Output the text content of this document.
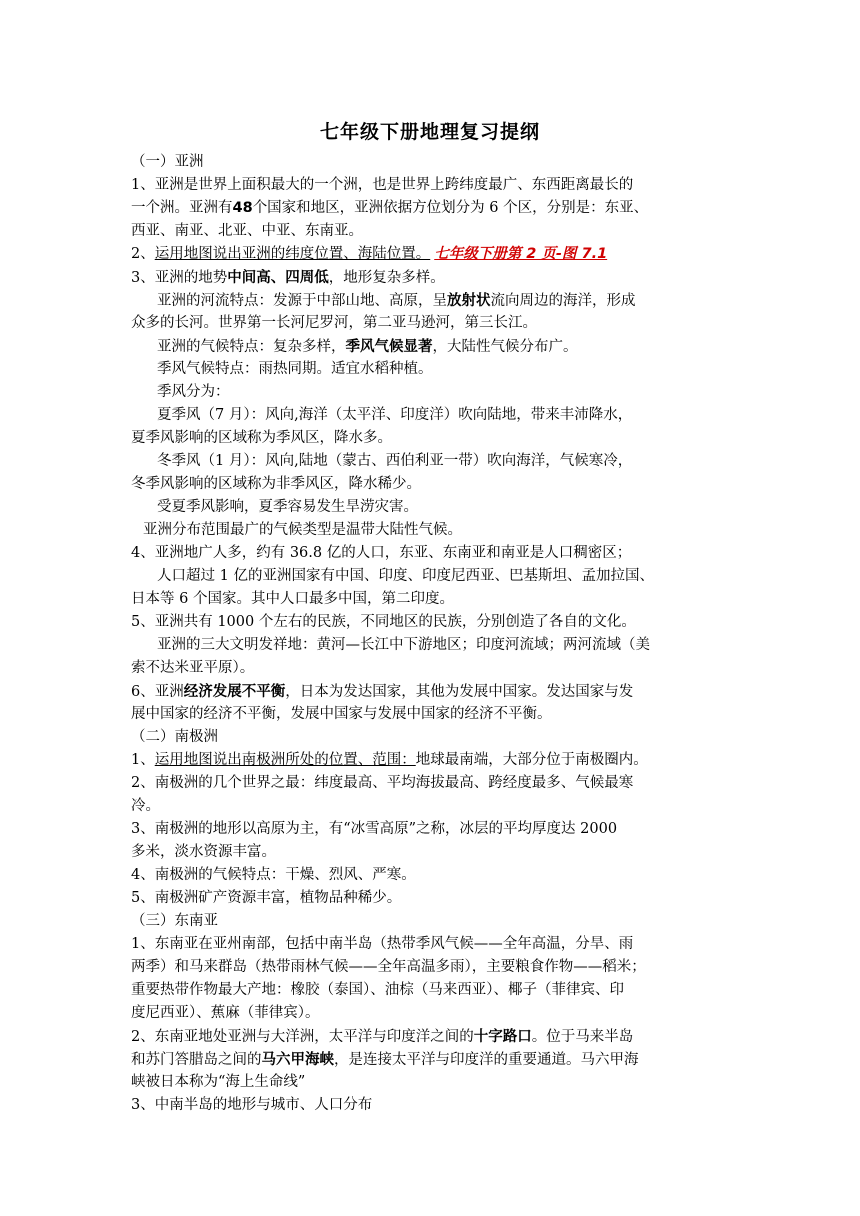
七年级下册地理复习提纲
（一）亚洲
1、亚洲是世界上面积最大的一个洲，也是世界上跨纬度最广、东西距离最长的
一个洲。亚洲有48个国家和地区，亚洲依据方位划分为 6 个区，分别是：东亚、
西亚、南亚、北亚、中亚、东南亚。
2、运用地图说出亚洲的纬度位置、海陆位置。 七年级下册第 2 页-图 7.1
3、亚洲的地势中间高、四周低，地形复杂多样。
亚洲的河流特点：发源于中部山地、高原，呈放射状流向周边的海洋，形成
众多的长河。世界第一长河尼罗河，第二亚马逊河，第三长江。
亚洲的气候特点：复杂多样，季风气候显著，大陆性气候分布广。
季风气候特点：雨热同期。适宜水稻种植。
季风分为：
夏季风（7 月）：风向,海洋（太平洋、印度洋）吹向陆地，带来丰沛降水，
夏季风影响的区域称为季风区，降水多。
冬季风（1 月）：风向,陆地（蒙古、西伯利亚一带）吹向海洋，气候寒冷，
冬季风影响的区域称为非季风区，降水稀少。
受夏季风影响，夏季容易发生旱涝灾害。
亚洲分布范围最广的气候类型是温带大陆性气候。
4、亚洲地广人多，约有 36.8 亿的人口，东亚、东南亚和南亚是人口稠密区；
人口超过 1 亿的亚洲国家有中国、印度、印度尼西亚、巴基斯坦、孟加拉国、
日本等 6 个国家。其中人口最多中国，第二印度。
5、亚洲共有 1000 个左右的民族，不同地区的民族，分别创造了各自的文化。
亚洲的三大文明发祥地：黄河—长江中下游地区；印度河流域；两河流域（美
索不达米亚平原）。
6、亚洲经济发展不平衡，日本为发达国家，其他为发展中国家。发达国家与发
展中国家的经济不平衡，发展中国家与发展中国家的经济不平衡。
（二）南极洲
1、运用地图说出南极洲所处的位置、范围：地球最南端，大部分位于南极圈内。
2、南极洲的几个世界之最：纬度最高、平均海拔最高、跨经度最多、气候最寒
冷。
3、南极洲的地形以高原为主，有“冰雪高原”之称，冰层的平均厚度达 2000
多米，淡水资源丰富。
4、南极洲的气候特点：干燥、烈风、严寒。
5、南极洲矿产资源丰富，植物品种稀少。
（三）东南亚
1、东南亚在亚州南部，包括中南半岛（热带季风气候——全年高温，分旱、雨
两季）和马来群岛（热带雨林气候——全年高温多雨），主要粮食作物——稻米；
重要热带作物最大产地：橡胶（泰国）、油棕（马来西亚）、椰子（菲律宾、印
度尼西亚）、蕉麻（菲律宾）。
2、东南亚地处亚洲与大洋洲，太平洋与印度洋之间的十字路口。位于马来半岛
和苏门答腊岛之间的马六甲海峡，是连接太平洋与印度洋的重要通道。马六甲海
峡被日本称为“海上生命线”
3、中南半岛的地形与城市、人口分布
